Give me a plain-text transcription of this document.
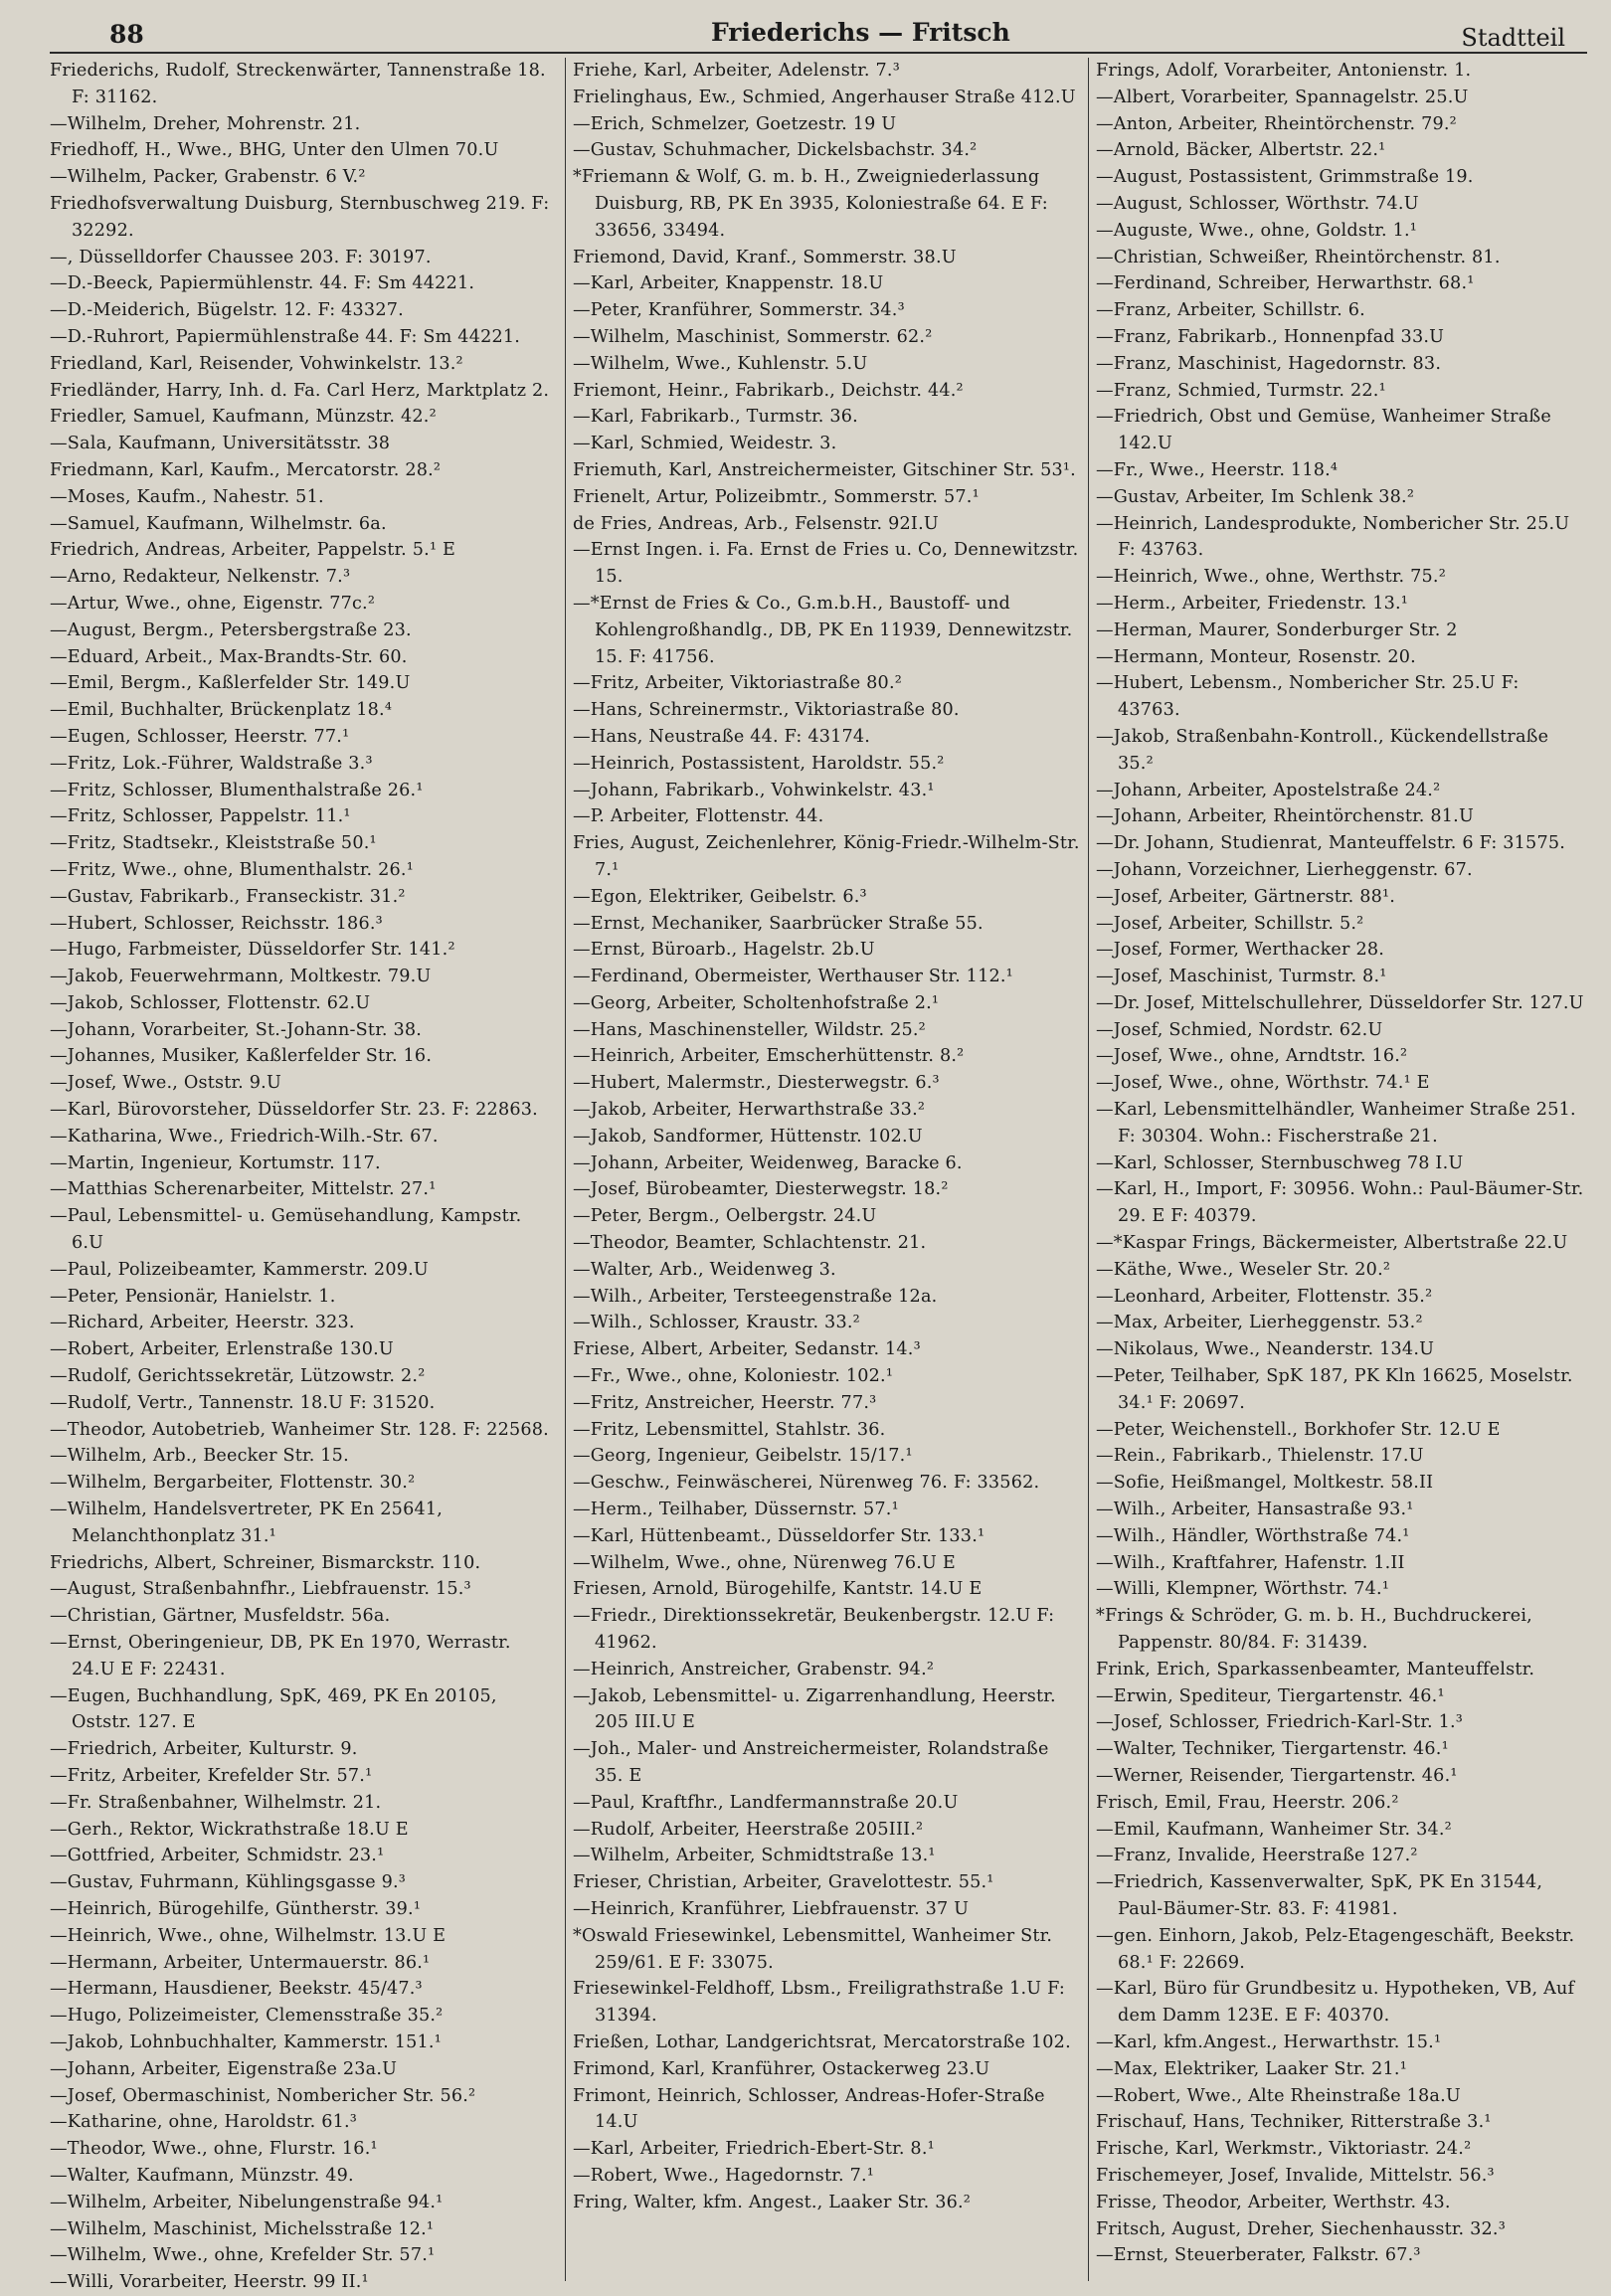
88	Friederichs — Fritsch	Stadtteil

Friederichs, Rudolf, Streckenwärter, Tannenstraße 18. F: 31162.

—Wilhelm, Dreher, Mohrenstr. 21.

Friedhoff, H., Wwe., BHG, Unter den Ulmen 70.U

—Wilhelm, Packer, Grabenstr. 6 V.²

Friedhofsverwaltung Duisburg, Sternbuschweg 219. F: 32292.

—, Düsselldorfer Chaussee 203. F: 30197.

—D.-Beeck, Papiermühlenstr. 44. F: Sm 44221.

—D.-Meiderich, Bügelstr. 12. F: 43327.

—D.-Ruhrort, Papiermühlenstraße 44. F: Sm 44221.

Friedland, Karl, Reisender, Vohwinkelstr. 13.²

Friedländer, Harry, Inh. d. Fa. Carl Herz, Marktplatz 2.

Friedler, Samuel, Kaufmann, Münzstr. 42.²

—Sala, Kaufmann, Universitätsstr. 38

Friedmann, Karl, Kaufm., Mercatorstr. 28.²

—Moses, Kaufm., Nahestr. 51.

—Samuel, Kaufmann, Wilhelmstr. 6a.

Friedrich, Andreas, Arbeiter, Pappelstr. 5.¹ E

—Arno, Redakteur, Nelkenstr. 7.³

—Artur, Wwe., ohne, Eigenstr. 77c.²

—August, Bergm., Petersbergstraße 23.

—Eduard, Arbeit., Max-Brandts-Str. 60.

—Emil, Bergm., Kaßlerfelder Str. 149.U

—Emil, Buchhalter, Brückenplatz 18.⁴

—Eugen, Schlosser, Heerstr. 77.¹

—Fritz, Lok.-Führer, Waldstraße 3.³

—Fritz, Schlosser, Blumenthalstraße 26.¹

—Fritz, Schlosser, Pappelstr. 11.¹

—Fritz, Stadtsekr., Kleiststraße 50.¹

—Fritz, Wwe., ohne, Blumenthalstr. 26.¹

—Gustav, Fabrikarb., Franseckistr. 31.²

—Hubert, Schlosser, Reichsstr. 186.³

—Hugo, Farbmeister, Düsseldorfer Str. 141.²

—Jakob, Feuerwehrmann, Moltkestr. 79.U

—Jakob, Schlosser, Flottenstr. 62.U

—Johann, Vorarbeiter, St.-Johann-Str. 38.

—Johannes, Musiker, Kaßlerfelder Str. 16.

—Josef, Wwe., Oststr. 9.U

—Karl, Bürovorsteher, Düsseldorfer Str. 23. F: 22863.

—Katharina, Wwe., Friedrich-Wilh.-Str. 67.

—Martin, Ingenieur, Kortumstr. 117.

—Matthias Scherenarbeiter, Mittelstr. 27.¹

—Paul, Lebensmittel- u. Gemüsehandlung, Kampstr. 6.U

—Paul, Polizeibeamter, Kammerstr. 209.U

—Peter, Pensionär, Hanielstr. 1.

—Richard, Arbeiter, Heerstr. 323.

—Robert, Arbeiter, Erlenstraße 130.U

—Rudolf, Gerichtssekretär, Lützowstr. 2.²

—Rudolf, Vertr., Tannenstr. 18.U F: 31520.

—Theodor, Autobetrieb, Wanheimer Str. 128. F: 22568.

—Wilhelm, Arb., Beecker Str. 15.

—Wilhelm, Bergarbeiter, Flottenstr. 30.²

—Wilhelm, Handelsvertreter, PK En 25641, Melanchthonplatz 31.¹

Friedrichs, Albert, Schreiner, Bismarckstr. 110.

—August, Straßenbahnfhr., Liebfrauenstr. 15.³

—Christian, Gärtner, Musfeldstr. 56a.

—Ernst, Oberingenieur, DB, PK En 1970, Werrastr. 24.U E F: 22431.

—Eugen, Buchhandlung, SpK, 469, PK En 20105, Oststr. 127. E

—Friedrich, Arbeiter, Kulturstr. 9.

—Fritz, Arbeiter, Krefelder Str. 57.¹

—Fr. Straßenbahner, Wilhelmstr. 21.

—Gerh., Rektor, Wickrathstraße 18.U E

—Gottfried, Arbeiter, Schmidstr. 23.¹

—Gustav, Fuhrmann, Kühlingsgasse 9.³

—Heinrich, Bürogehilfe, Güntherstr. 39.¹

—Heinrich, Wwe., ohne, Wilhelmstr. 13.U E

—Hermann, Arbeiter, Untermauerstr. 86.¹

—Hermann, Hausdiener, Beekstr. 45/47.³

—Hugo, Polizeimeister, Clemensstraße 35.²

—Jakob, Lohnbuchhalter, Kammerstr. 151.¹

—Johann, Arbeiter, Eigenstraße 23a.U

—Josef, Obermaschinist, Nombericher Str. 56.²

—Katharine, ohne, Haroldstr. 61.³

—Theodor, Wwe., ohne, Flurstr. 16.¹

—Walter, Kaufmann, Münzstr. 49.

—Wilhelm, Arbeiter, Nibelungenstraße 94.¹

—Wilhelm, Maschinist, Michelsstraße 12.¹

—Wilhelm, Wwe., ohne, Krefelder Str. 57.¹

—Willi, Vorarbeiter, Heerstr. 99 II.¹

Friehe, Karl, Arbeiter, Adelenstr. 7.³

Frielinghaus, Ew., Schmied, Angerhauser Straße 412.U

—Erich, Schmelzer, Goetzestr. 19 U

—Gustav, Schuhmacher, Dickelsbachstr. 34.²

*Friemann & Wolf, G. m. b. H., Zweigniederlassung Duisburg, RB, PK En 3935, Koloniestraße 64. E F: 33656, 33494.

Friemond, David, Kranf., Sommerstr. 38.U

—Karl, Arbeiter, Knappenstr. 18.U

—Peter, Kranführer, Sommerstr. 34.³

—Wilhelm, Maschinist, Sommerstr. 62.²

—Wilhelm, Wwe., Kuhlenstr. 5.U

Friemont, Heinr., Fabrikarb., Deichstr. 44.²

—Karl, Fabrikarb., Turmstr. 36.

—Karl, Schmied, Weidestr. 3.

Friemuth, Karl, Anstreichermeister, Gitschiner Str. 53¹.

Frienelt, Artur, Polizeibmtr., Sommerstr. 57.¹

de Fries, Andreas, Arb., Felsenstr. 92I.U

—Ernst Ingen. i. Fa. Ernst de Fries u. Co, Dennewitzstr. 15.

—*Ernst de Fries & Co., G.m.b.H., Baustoff- und Kohlengroßhandlg., DB, PK En 11939, Dennewitzstr. 15. F: 41756.

—Fritz, Arbeiter, Viktoriastraße 80.²

—Hans, Schreinermstr., Viktoriastraße 80.

—Hans, Neustraße 44. F: 43174.

—Heinrich, Postassistent, Haroldstr. 55.²

—Johann, Fabrikarb., Vohwinkelstr. 43.¹

—P. Arbeiter, Flottenstr. 44.

Fries, August, Zeichenlehrer, König-Friedr.-Wilhelm-Str. 7.¹

—Egon, Elektriker, Geibelstr. 6.³

—Ernst, Mechaniker, Saarbrücker Straße 55.

—Ernst, Büroarb., Hagelstr. 2b.U

—Ferdinand, Obermeister, Werthauser Str. 112.¹

—Georg, Arbeiter, Scholtenhofstraße 2.¹

—Hans, Maschinensteller, Wildstr. 25.²

—Heinrich, Arbeiter, Emscherhüttenstr. 8.²

—Hubert, Malermstr., Diesterwegstr. 6.³

—Jakob, Arbeiter, Herwarthstraße 33.²

—Jakob, Sandformer, Hüttenstr. 102.U

—Johann, Arbeiter, Weidenweg, Baracke 6.

—Josef, Bürobeamter, Diesterwegstr. 18.²

—Peter, Bergm., Oelbergstr. 24.U

—Theodor, Beamter, Schlachtenstr. 21.

—Walter, Arb., Weidenweg 3.

—Wilh., Arbeiter, Tersteegenstraße 12a.

—Wilh., Schlosser, Kraustr. 33.²

Friese, Albert, Arbeiter, Sedanstr. 14.³

—Fr., Wwe., ohne, Koloniestr. 102.¹

—Fritz, Anstreicher, Heerstr. 77.³

—Fritz, Lebensmittel, Stahlstr. 36.

—Georg, Ingenieur, Geibelstr. 15/17.¹

—Geschw., Feinwäscherei, Nürenweg 76. F: 33562.

—Herm., Teilhaber, Düssernstr. 57.¹

—Karl, Hüttenbeamt., Düsseldorfer Str. 133.¹

—Wilhelm, Wwe., ohne, Nürenweg 76.U E

Friesen, Arnold, Bürogehilfe, Kantstr. 14.U E

—Friedr., Direktionssekretär, Beukenbergstr. 12.U F: 41962.

—Heinrich, Anstreicher, Grabenstr. 94.²

—Jakob, Lebensmittel- u. Zigarrenhandlung, Heerstr. 205 III.U E

—Joh., Maler- und Anstreichermeister, Rolandstraße 35. E

—Paul, Kraftfhr., Landfermannstraße 20.U

—Rudolf, Arbeiter, Heerstraße 205III.²

—Wilhelm, Arbeiter, Schmidtstraße 13.¹

Frieser, Christian, Arbeiter, Gravelottestr. 55.¹

—Heinrich, Kranführer, Liebfrauenstr. 37 U

*Oswald Friesewinkel, Lebensmittel, Wanheimer Str. 259/61. E F: 33075.

Friesewinkel-Feldhoff, Lbsm., Freiligrathstraße 1.U F: 31394.

Frießen, Lothar, Landgerichtsrat, Mercatorstraße 102.

Frimond, Karl, Kranführer, Ostackerweg 23.U

Frimont, Heinrich, Schlosser, Andreas-Hofer-Straße 14.U

—Karl, Arbeiter, Friedrich-Ebert-Str. 8.¹

—Robert, Wwe., Hagedornstr. 7.¹

Fring, Walter, kfm. Angest., Laaker Str. 36.²

Frings, Adolf, Vorarbeiter, Antonienstr. 1.

—Albert, Vorarbeiter, Spannagelstr. 25.U

—Anton, Arbeiter, Rheintörchenstr. 79.²

—Arnold, Bäcker, Albertstr. 22.¹

—August, Postassistent, Grimmstraße 19.

—August, Schlosser, Wörthstr. 74.U

—Auguste, Wwe., ohne, Goldstr. 1.¹

—Christian, Schweißer, Rheintörchenstr. 81.

—Ferdinand, Schreiber, Herwarthstr. 68.¹

—Franz, Arbeiter, Schillstr. 6.

—Franz, Fabrikarb., Honnenpfad 33.U

—Franz, Maschinist, Hagedornstr. 83.

—Franz, Schmied, Turmstr. 22.¹

—Friedrich, Obst und Gemüse, Wanheimer Straße 142.U

—Fr., Wwe., Heerstr. 118.⁴

—Gustav, Arbeiter, Im Schlenk 38.²

—Heinrich, Landesprodukte, Nombericher Str. 25.U F: 43763.

—Heinrich, Wwe., ohne, Werthstr. 75.²

—Herm., Arbeiter, Friedenstr. 13.¹

—Herman, Maurer, Sonderburger Str. 2

—Hermann, Monteur, Rosenstr. 20.

—Hubert, Lebensm., Nombericher Str. 25.U F: 43763.

—Jakob, Straßenbahn-Kontroll., Kückendellstraße 35.²

—Johann, Arbeiter, Apostelstraße 24.²

—Johann, Arbeiter, Rheintörchenstr. 81.U

—Dr. Johann, Studienrat, Manteuffelstr. 6 F: 31575.

—Johann, Vorzeichner, Lierheggenstr. 67.

—Josef, Arbeiter, Gärtnerstr. 88¹.

—Josef, Arbeiter, Schillstr. 5.²

—Josef, Former, Werthacker 28.

—Josef, Maschinist, Turmstr. 8.¹

—Dr. Josef, Mittelschullehrer, Düsseldorfer Str. 127.U

—Josef, Schmied, Nordstr. 62.U

—Josef, Wwe., ohne, Arndtstr. 16.²

—Josef, Wwe., ohne, Wörthstr. 74.¹ E

—Karl, Lebensmittelhändler, Wanheimer Straße 251. F: 30304. Wohn.: Fischerstraße 21.

—Karl, Schlosser, Sternbuschweg 78 I.U

—Karl, H., Import, F: 30956. Wohn.: Paul-Bäumer-Str. 29. E F: 40379.

—*Kaspar Frings, Bäckermeister, Albertstraße 22.U

—Käthe, Wwe., Weseler Str. 20.²

—Leonhard, Arbeiter, Flottenstr. 35.²

—Max, Arbeiter, Lierheggenstr. 53.²

—Nikolaus, Wwe., Neanderstr. 134.U

—Peter, Teilhaber, SpK 187, PK Kln 16625, Moselstr. 34.¹ F: 20697.

—Peter, Weichenstell., Borkhofer Str. 12.U E

—Rein., Fabrikarb., Thielenstr. 17.U

—Sofie, Heißmangel, Moltkestr. 58.II

—Wilh., Arbeiter, Hansastraße 93.¹

—Wilh., Händler, Wörthstraße 74.¹

—Wilh., Kraftfahrer, Hafenstr. 1.II

—Willi, Klempner, Wörthstr. 74.¹

*Frings & Schröder, G. m. b. H., Buchdruckerei, Pappenstr. 80/84. F: 31439.

Frink, Erich, Sparkassenbeamter, Manteuffelstr.

—Erwin, Spediteur, Tiergartenstr. 46.¹

—Josef, Schlosser, Friedrich-Karl-Str. 1.³

—Walter, Techniker, Tiergartenstr. 46.¹

—Werner, Reisender, Tiergartenstr. 46.¹

Frisch, Emil, Frau, Heerstr. 206.²

—Emil, Kaufmann, Wanheimer Str. 34.²

—Franz, Invalide, Heerstraße 127.²

—Friedrich, Kassenverwalter, SpK, PK En 31544, Paul-Bäumer-Str. 83. F: 41981.

—gen. Einhorn, Jakob, Pelz-Etagengeschäft, Beekstr. 68.¹ F: 22669.

—Karl, Büro für Grundbesitz u. Hypotheken, VB, Auf dem Damm 123E. E F: 40370.

—Karl, kfm.Angest., Herwarthstr. 15.¹

—Max, Elektriker, Laaker Str. 21.¹

—Robert, Wwe., Alte Rheinstraße 18a.U

Frischauf, Hans, Techniker, Ritterstraße 3.¹

Frische, Karl, Werkmstr., Viktoriastr. 24.²

Frischemeyer, Josef, Invalide, Mittelstr. 56.³

Frisse, Theodor, Arbeiter, Werthstr. 43.

Fritsch, August, Dreher, Siechenhausstr. 32.³

—Ernst, Steuerberater, Falkstr. 67.³
